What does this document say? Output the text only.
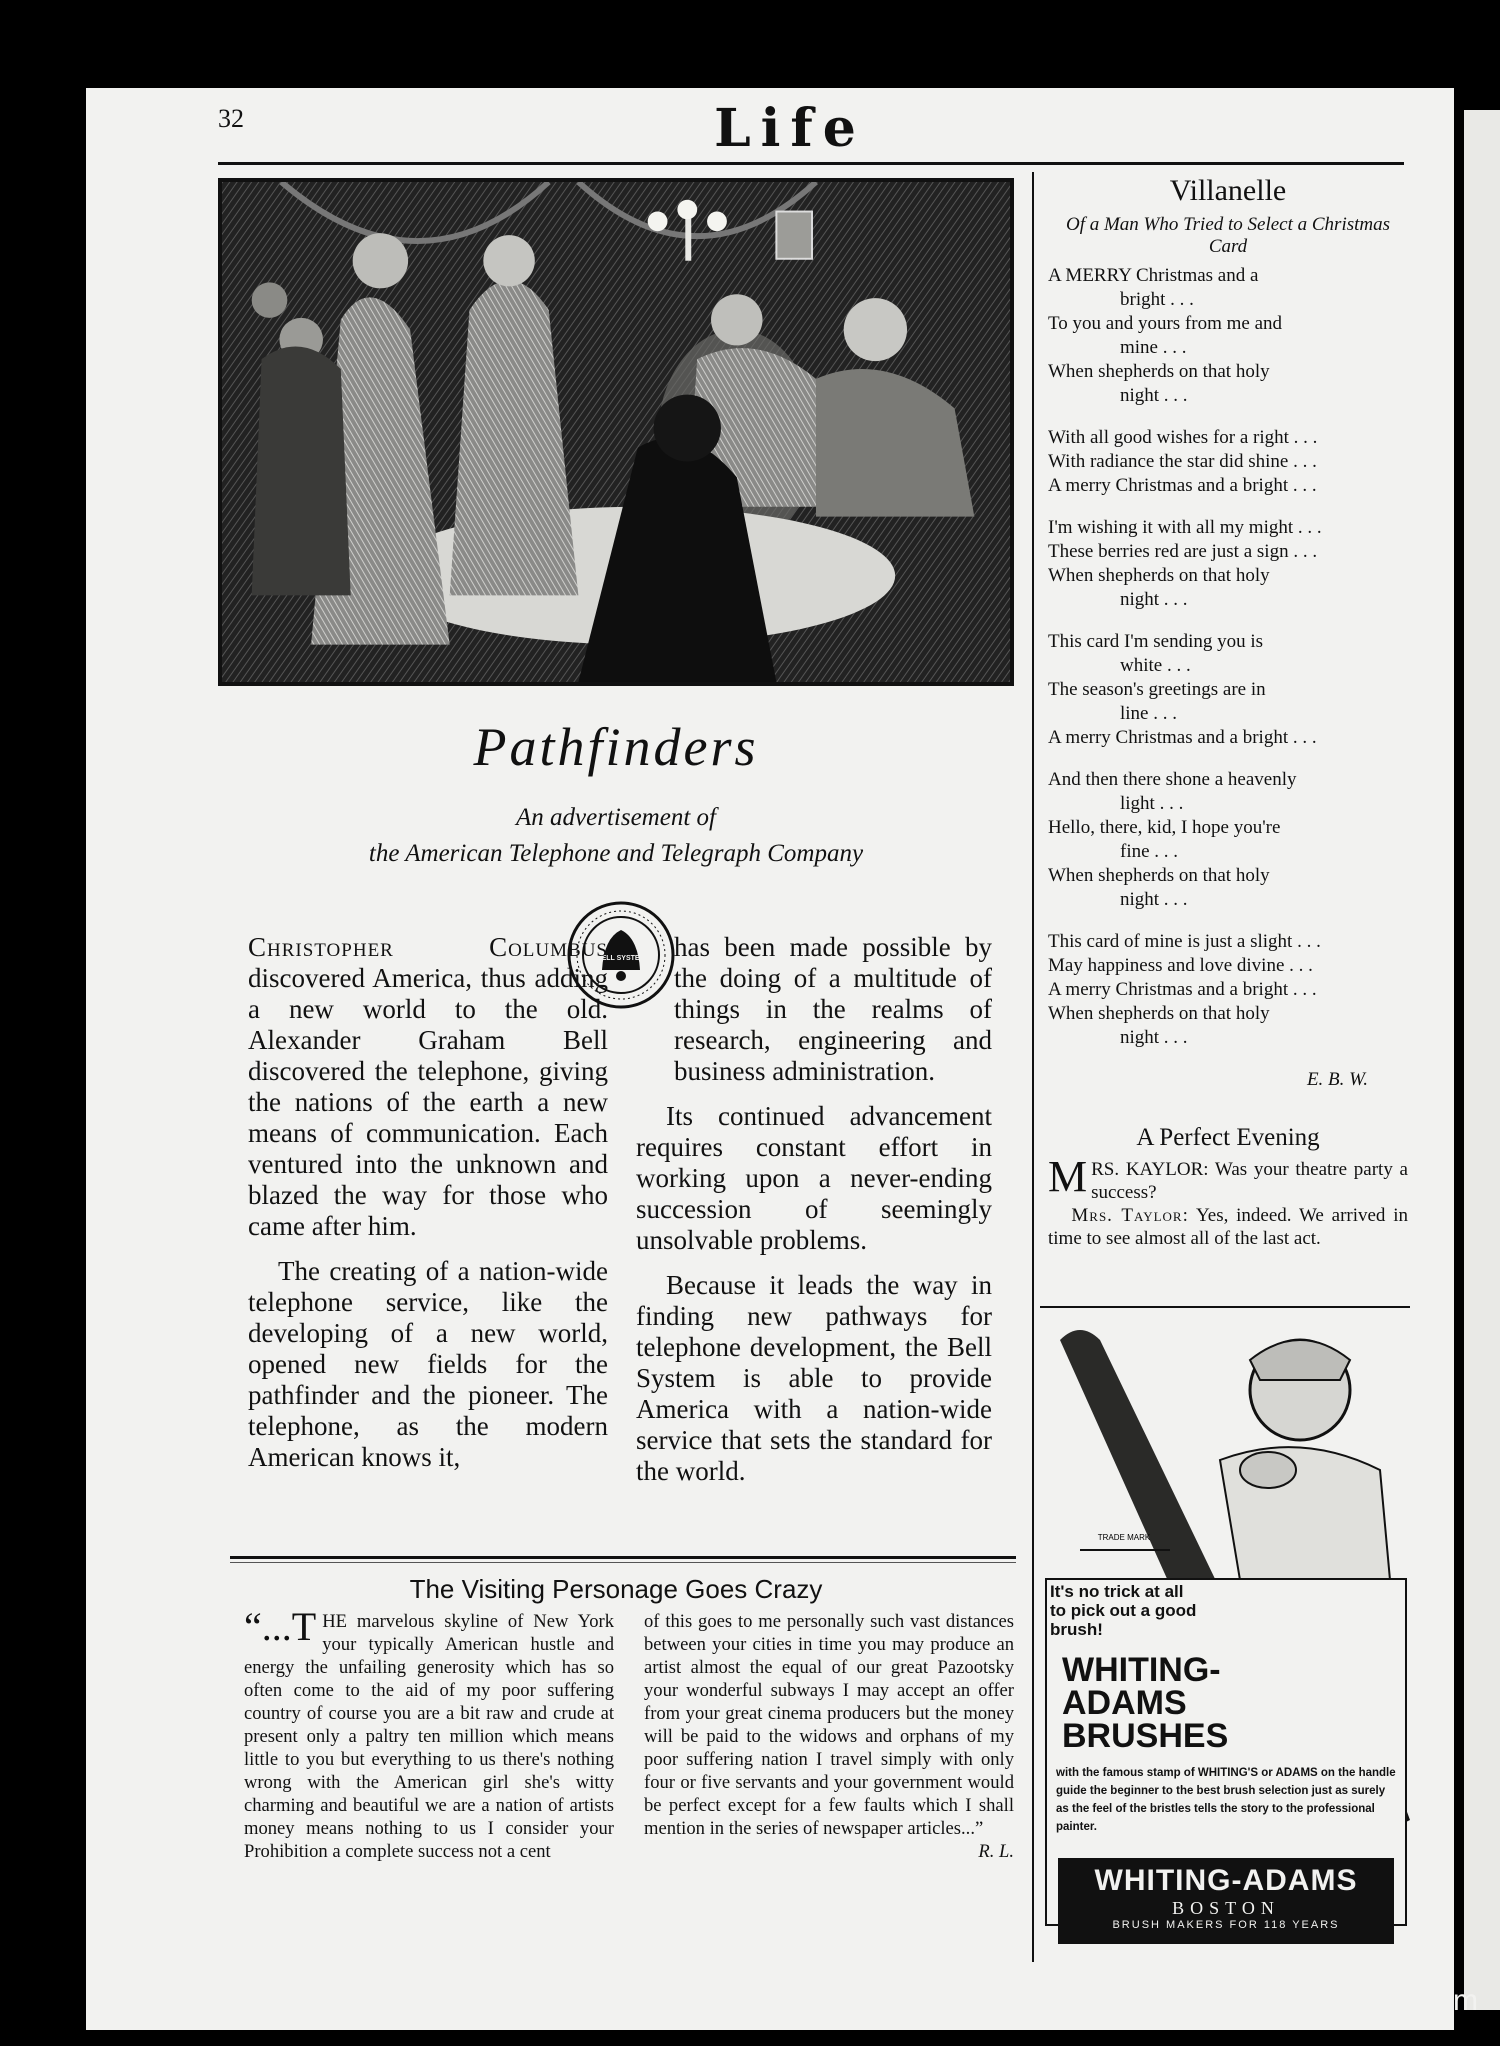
32	Life
Pathfinders
An advertisement of
the American Telephone and Telegraph Company
BELL SYSTEM

Christopher Columbus discovered America, thus adding a new world to the old. Alexander Graham Bell discovered the telephone, giving the nations of the earth a new means of communication. Each ventured into the unknown and blazed the way for those who came after him.

The creating of a nation-wide telephone service, like the developing of a new world, opened new fields for the pathfinder and the pioneer. The telephone, as the modern American knows it,

has been made possible by the doing of a multitude of things in the realms of research, engineering and business administration.

Its continued advancement requires constant effort in working upon a never-ending succession of seemingly unsolvable problems.

Because it leads the way in finding new pathways for telephone development, the Bell System is able to provide America with a nation-wide service that sets the standard for the world.

The Visiting Personage Goes Crazy
“...T HE marvelous skyline of New York your typically American hustle and energy the unfailing generosity which has so often come to the aid of my poor suffering country of course you are a bit raw and crude at present only a paltry ten million which means little to you but everything to us there's nothing wrong with the American girl she's witty charming and beautiful we are a nation of artists money means nothing to us I consider your Prohibition a complete success not a cent
of this goes to me personally such vast distances between your cities in time you may produce an artist almost the equal of our great Pazootsky your wonderful subways I may accept an offer from your great cinema producers but the money will be paid to the widows and orphans of my poor suffering nation I travel simply with only four or five servants and your government would be perfect except for a few faults which I shall mention in the series of newspaper articles...”
R. L.
Villanelle
Of a Man Who Tried to Select a Christmas Card
A MERRY Christmas and a
bright . . .
To you and yours from me and
mine . . .
When shepherds on that holy
night . . .
With all good wishes for a right . . .
With radiance the star did shine . . .
A merry Christmas and a bright . . .
I'm wishing it with all my might . . .
These berries red are just a sign . . .
When shepherds on that holy
night . . .
This card I'm sending you is
white . . .
The season's greetings are in
line . . .
A merry Christmas and a bright . . .
And then there shone a heavenly
light . . .
Hello, there, kid, I hope you're
fine . . .
When shepherds on that holy
night . . .
This card of mine is just a slight . . .
May happiness and love divine . . .
A merry Christmas and a bright . . .
When shepherds on that holy
night . . .
E. B. W.
A Perfect Evening
MRS. KAYLOR: Was your theatre party a success?
Mrs. Taylor: Yes, indeed. We arrived in time to see almost all of the last act.
TRADE MARK
It's no trick at all to pick out a good brush!
WHITING-ADAMS BRUSHES
with the famous stamp of WHITING'S or ADAMS on the handle guide the beginner to the best brush selection just as surely as the feel of the bristles tells the story to the professional painter.
WHITING-ADAMS
BOSTON
BRUSH MAKERS FOR 118 YEARS
comicbooks.com
